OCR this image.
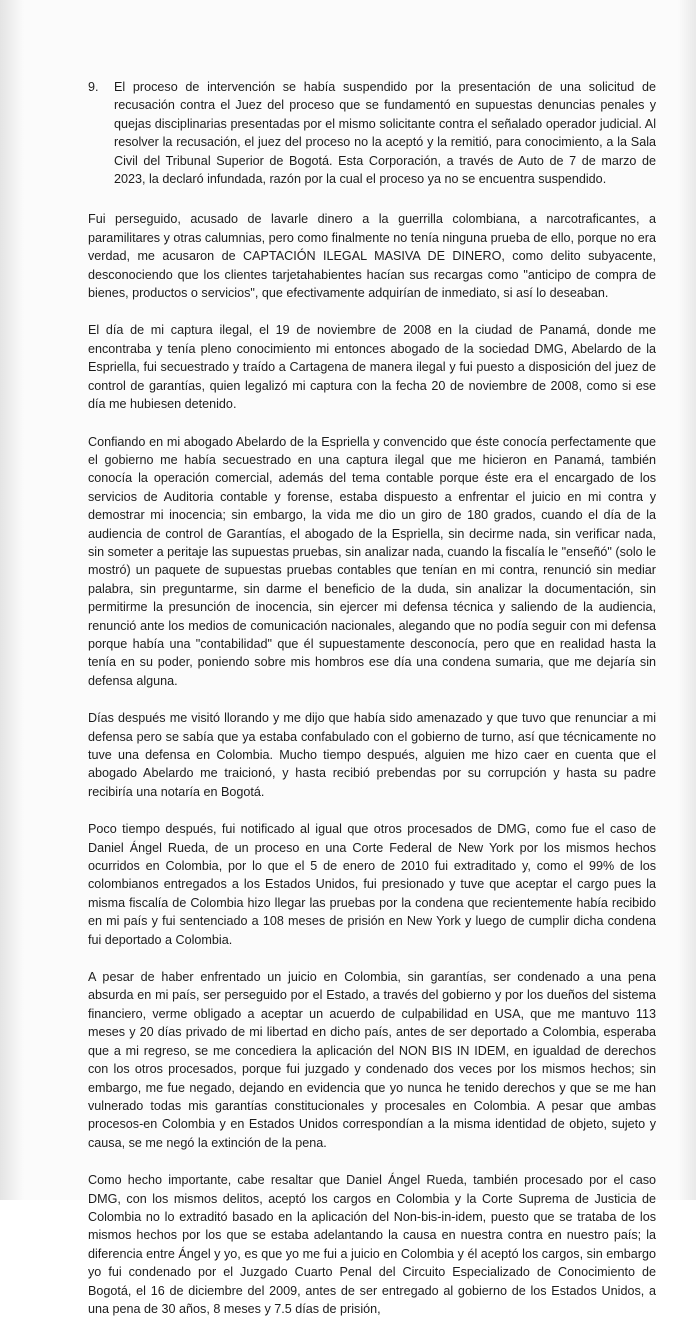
9. El proceso de intervención se había suspendido por la presentación de una solicitud de recusación contra el Juez del proceso que se fundamentó en supuestas denuncias penales y quejas disciplinarias presentadas por el mismo solicitante contra el señalado operador judicial. Al resolver la recusación, el juez del proceso no la aceptó y la remitió, para conocimiento, a la Sala Civil del Tribunal Superior de Bogotá. Esta Corporación, a través de Auto de 7 de marzo de 2023, la declaró infundada, razón por la cual el proceso ya no se encuentra suspendido.

Fui perseguido, acusado de lavarle dinero a la guerrilla colombiana, a narcotraficantes, a paramilitares y otras calumnias, pero como finalmente no tenía ninguna prueba de ello, porque no era verdad, me acusaron de CAPTACIÓN ILEGAL MASIVA DE DINERO, como delito subyacente, desconociendo que los clientes tarjetahabientes hacían sus recargas como "anticipo de compra de bienes, productos o servicios", que efectivamente adquirían de inmediato, si así lo deseaban.

El día de mi captura ilegal, el 19 de noviembre de 2008 en la ciudad de Panamá, donde me encontraba y tenía pleno conocimiento mi entonces abogado de la sociedad DMG, Abelardo de la Espriella, fui secuestrado y traído a Cartagena de manera ilegal y fui puesto a disposición del juez de control de garantías, quien legalizó mi captura con la fecha 20 de noviembre de 2008, como si ese día me hubiesen detenido.

Confiando en mi abogado Abelardo de la Espriella y convencido que éste conocía perfectamente que el gobierno me había secuestrado en una captura ilegal que me hicieron en Panamá, también conocía la operación comercial, además del tema contable porque éste era el encargado de los servicios de Auditoria contable y forense, estaba dispuesto a enfrentar el juicio en mi contra y demostrar mi inocencia; sin embargo, la vida me dio un giro de 180 grados, cuando el día de la audiencia de control de Garantías, el abogado de la Espriella, sin decirme nada, sin verificar nada, sin someter a peritaje las supuestas pruebas, sin analizar nada, cuando la fiscalía le "enseñó" (solo le mostró) un paquete de supuestas pruebas contables que tenían en mi contra, renunció sin mediar palabra, sin preguntarme, sin darme el beneficio de la duda, sin analizar la documentación, sin permitirme la presunción de inocencia, sin ejercer mi defensa técnica y saliendo de la audiencia, renunció ante los medios de comunicación nacionales, alegando que no podía seguir con mi defensa porque había una "contabilidad" que él supuestamente desconocía, pero que en realidad hasta la tenía en su poder, poniendo sobre mis hombros ese día una condena sumaria, que me dejaría sin defensa alguna.

Días después me visitó llorando y me dijo que había sido amenazado y que tuvo que renunciar a mi defensa pero se sabía que ya estaba confabulado con el gobierno de turno, así que técnicamente no tuve una defensa en Colombia. Mucho tiempo después, alguien me hizo caer en cuenta que el abogado Abelardo me traicionó, y hasta recibió prebendas por su corrupción y hasta su padre recibiría una notaría en Bogotá.

Poco tiempo después, fui notificado al igual que otros procesados de DMG, como fue el caso de Daniel Ángel Rueda, de un proceso en una Corte Federal de New York por los mismos hechos ocurridos en Colombia, por lo que el 5 de enero de 2010 fui extraditado y, como el 99% de los colombianos entregados a los Estados Unidos, fui presionado y tuve que aceptar el cargo pues la misma fiscalía de Colombia hizo llegar las pruebas por la condena que recientemente había recibido en mi país y fui sentenciado a 108 meses de prisión en New York y luego de cumplir dicha condena fui deportado a Colombia.

A pesar de haber enfrentado un juicio en Colombia, sin garantías, ser condenado a una pena absurda en mi país, ser perseguido por el Estado, a través del gobierno y por los dueños del sistema financiero, verme obligado a aceptar un acuerdo de culpabilidad en USA, que me mantuvo 113 meses y 20 días privado de mi libertad en dicho país, antes de ser deportado a Colombia, esperaba que a mi regreso, se me concediera la aplicación del NON BIS IN IDEM, en igualdad de derechos con los otros procesados, porque fui juzgado y condenado dos veces por los mismos hechos; sin embargo, me fue negado, dejando en evidencia que yo nunca he tenido derechos y que se me han vulnerado todas mis garantías constitucionales y procesales en Colombia. A pesar que ambas procesos-en Colombia y en Estados Unidos correspondían a la misma identidad de objeto, sujeto y causa, se me negó la extinción de la pena.

Como hecho importante, cabe resaltar que Daniel Ángel Rueda, también procesado por el caso DMG, con los mismos delitos, aceptó los cargos en Colombia y la Corte Suprema de Justicia de Colombia no lo extraditó basado en la aplicación del Non-bis-in-idem, puesto que se trataba de los mismos hechos por los que se estaba adelantando la causa en nuestra contra en nuestro país; la diferencia entre Ángel y yo, es que yo me fui a juicio en Colombia y él aceptó los cargos, sin embargo yo fui condenado por el Juzgado Cuarto Penal del Circuito Especializado de Conocimiento de Bogotá, el 16 de diciembre del 2009, antes de ser entregado al gobierno de los Estados Unidos, a una pena de 30 años, 8 meses y 7.5 días de prisión,
